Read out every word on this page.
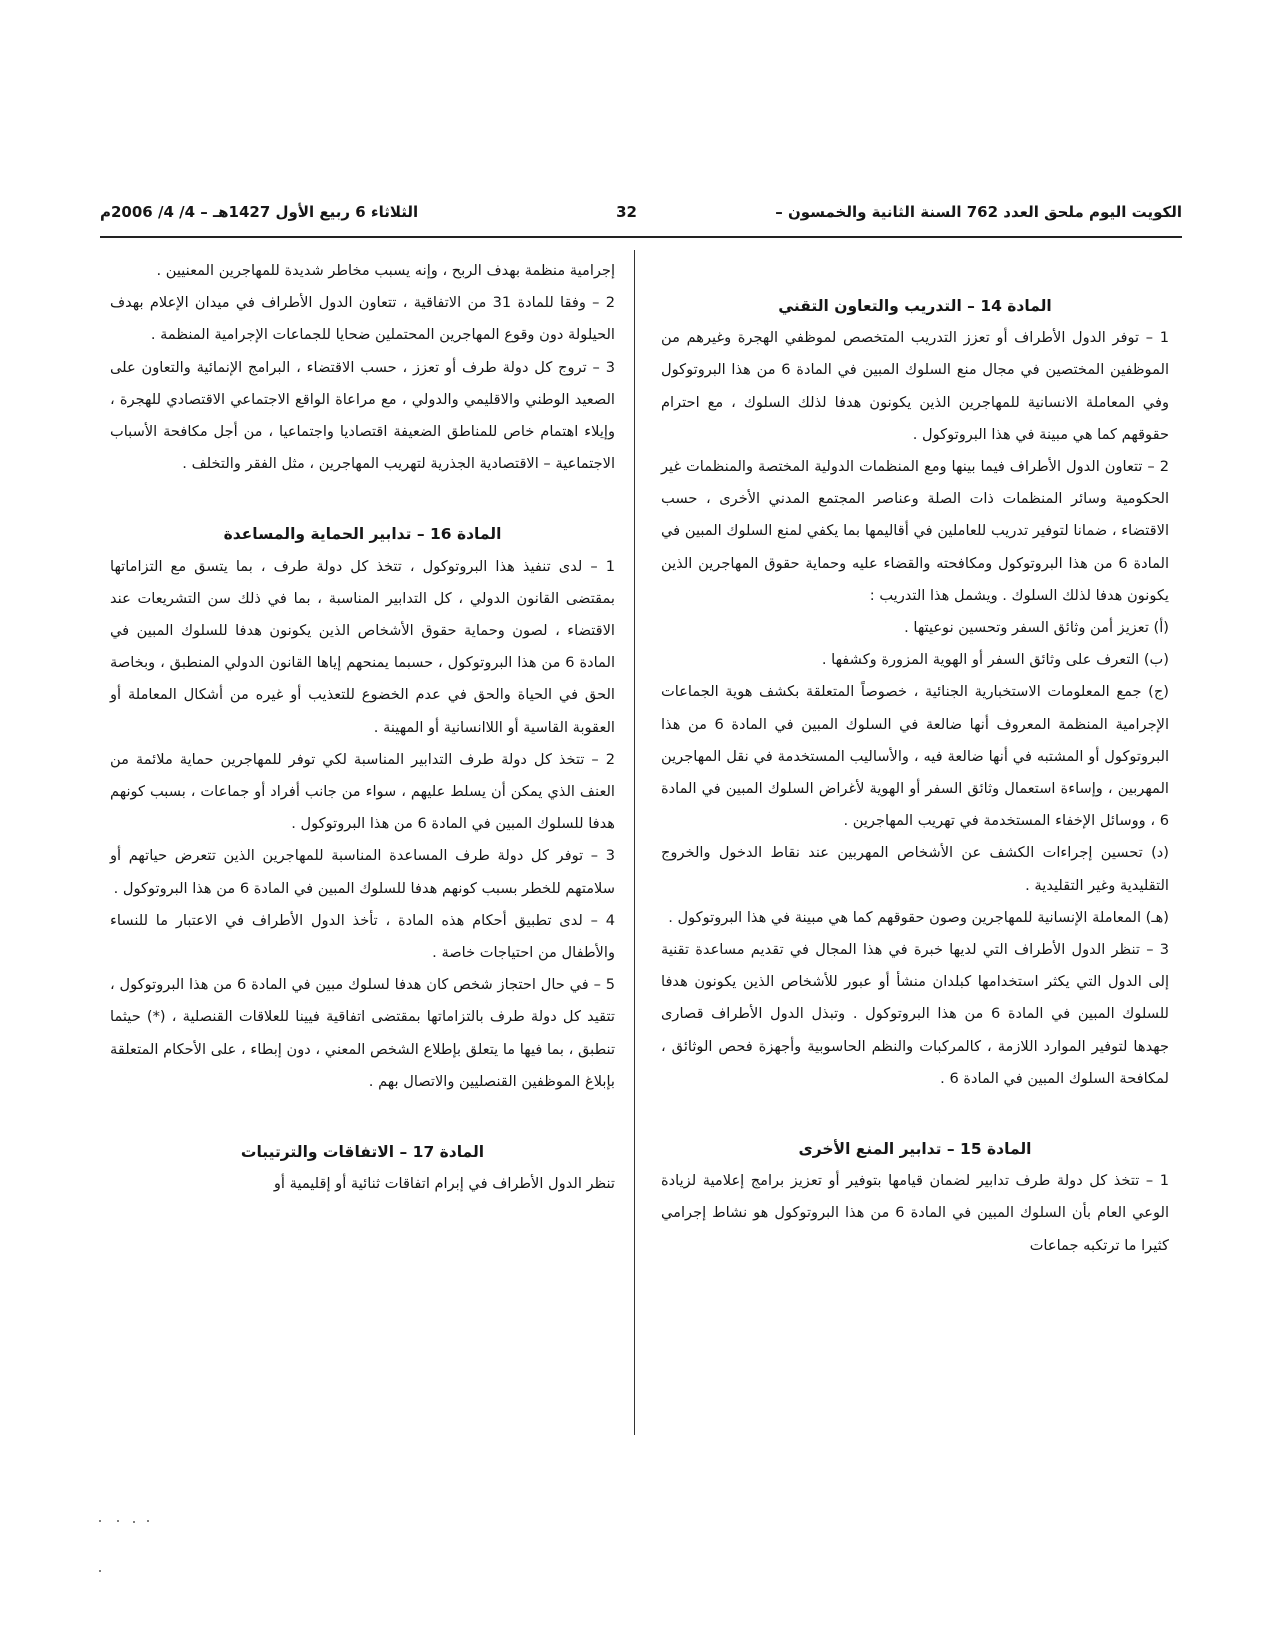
الكويت اليوم ملحق العدد 762 السنة الثانية والخمسون –
32
الثلاثاء 6 ربيع الأول 1427هـ – 4/ 4/ 2006م

المادة 14 – التدريب والتعاون التقني

1 – توفر الدول الأطراف أو تعزز التدريب المتخصص لموظفي الهجرة وغيرهم من الموظفين المختصين في مجال منع السلوك المبين في المادة 6 من هذا البروتوكول وفي المعاملة الانسانية للمهاجرين الذين يكونون هدفا لذلك السلوك ، مع احترام حقوقهم كما هي مبينة في هذا البروتوكول .

2 – تتعاون الدول الأطراف فيما بينها ومع المنظمات الدولية المختصة والمنظمات غير الحكومية وسائر المنظمات ذات الصلة وعناصر المجتمع المدني الأخرى ، حسب الاقتضاء ، ضمانا لتوفير تدريب للعاملين في أقاليمها بما يكفي لمنع السلوك المبين في المادة 6 من هذا البروتوكول ومكافحته والقضاء عليه وحماية حقوق المهاجرين الذين يكونون هدفا لذلك السلوك . ويشمل هذا التدريب :

(أ) تعزيز أمن وثائق السفر وتحسين نوعيتها .

(ب) التعرف على وثائق السفر أو الهوية المزورة وكشفها .

(ج) جمع المعلومات الاستخبارية الجنائية ، خصوصاً المتعلقة بكشف هوية الجماعات الإجرامية المنظمة المعروف أنها ضالعة في السلوك المبين في المادة 6 من هذا البروتوكول أو المشتبه في أنها ضالعة فيه ، والأساليب المستخدمة في نقل المهاجرين المهربين ، وإساءة استعمال وثائق السفر أو الهوية لأغراض السلوك المبين في المادة 6 ، ووسائل الإخفاء المستخدمة في تهريب المهاجرين .

(د) تحسين إجراءات الكشف عن الأشخاص المهربين عند نقاط الدخول والخروج التقليدية وغير التقليدية .

(هـ) المعاملة الإنسانية للمهاجرين وصون حقوقهم كما هي مبينة في هذا البروتوكول .

3 – تنظر الدول الأطراف التي لديها خبرة في هذا المجال في تقديم مساعدة تقنية إلى الدول التي يكثر استخدامها كبلدان منشأ أو عبور للأشخاص الذين يكونون هدفا للسلوك المبين في المادة 6 من هذا البروتوكول . وتبذل الدول الأطراف قصارى جهدها لتوفير الموارد اللازمة ، كالمركبات والنظم الحاسوبية وأجهزة فحص الوثائق ، لمكافحة السلوك المبين في المادة 6 .

المادة 15 – تدابير المنع الأخرى

1 – تتخذ كل دولة طرف تدابير لضمان قيامها بتوفير أو تعزيز برامج إعلامية لزيادة الوعي العام بأن السلوك المبين في المادة 6 من هذا البروتوكول هو نشاط إجرامي كثيرا ما ترتكبه جماعات

إجرامية منظمة بهدف الربح ، وإنه يسبب مخاطر شديدة للمهاجرين المعنيين .

2 – وفقا للمادة 31 من الاتفاقية ، تتعاون الدول الأطراف في ميدان الإعلام بهدف الحيلولة دون وقوع المهاجرين المحتملين ضحايا للجماعات الإجرامية المنظمة .

3 – تروج كل دولة طرف أو تعزز ، حسب الاقتضاء ، البرامج الإنمائية والتعاون على الصعيد الوطني والاقليمي والدولي ، مع مراعاة الواقع الاجتماعي الاقتصادي للهجرة ، وإيلاء اهتمام خاص للمناطق الضعيفة اقتصاديا واجتماعيا ، من أجل مكافحة الأسباب الاجتماعية – الاقتصادية الجذرية لتهريب المهاجرين ، مثل الفقر والتخلف .

المادة 16 – تدابير الحماية والمساعدة

1 – لدى تنفيذ هذا البروتوكول ، تتخذ كل دولة طرف ، بما يتسق مع التزاماتها بمقتضى القانون الدولي ، كل التدابير المناسبة ، بما في ذلك سن التشريعات عند الاقتضاء ، لصون وحماية حقوق الأشخاص الذين يكونون هدفا للسلوك المبين في المادة 6 من هذا البروتوكول ، حسبما يمنحهم إياها القانون الدولي المنطبق ، وبخاصة الحق في الحياة والحق في عدم الخضوع للتعذيب أو غيره من أشكال المعاملة أو العقوبة القاسية أو اللاانسانية أو المهينة .

2 – تتخذ كل دولة طرف التدابير المناسبة لكي توفر للمهاجرين حماية ملائمة من العنف الذي يمكن أن يسلط عليهم ، سواء من جانب أفراد أو جماعات ، بسبب كونهم هدفا للسلوك المبين في المادة 6 من هذا البروتوكول .

3 – توفر كل دولة طرف المساعدة المناسبة للمهاجرين الذين تتعرض حياتهم أو سلامتهم للخطر بسبب كونهم هدفا للسلوك المبين في المادة 6 من هذا البروتوكول .

4 – لدى تطبيق أحكام هذه المادة ، تأخذ الدول الأطراف في الاعتبار ما للنساء والأطفال من احتياجات خاصة .

5 – في حال احتجاز شخص كان هدفا لسلوك مبين في المادة 6 من هذا البروتوكول ، تتقيد كل دولة طرف بالتزاماتها بمقتضى اتفاقية فيينا للعلاقات القنصلية ، (*) حيثما تنطبق ، بما فيها ما يتعلق بإطلاع الشخص المعني ، دون إبطاء ، على الأحكام المتعلقة بإبلاغ الموظفين القنصليين والاتصال بهم .

المادة 17 – الاتفاقات والترتيبات

تنظر الدول الأطراف في إبرام اتفاقات ثنائية أو إقليمية أو
